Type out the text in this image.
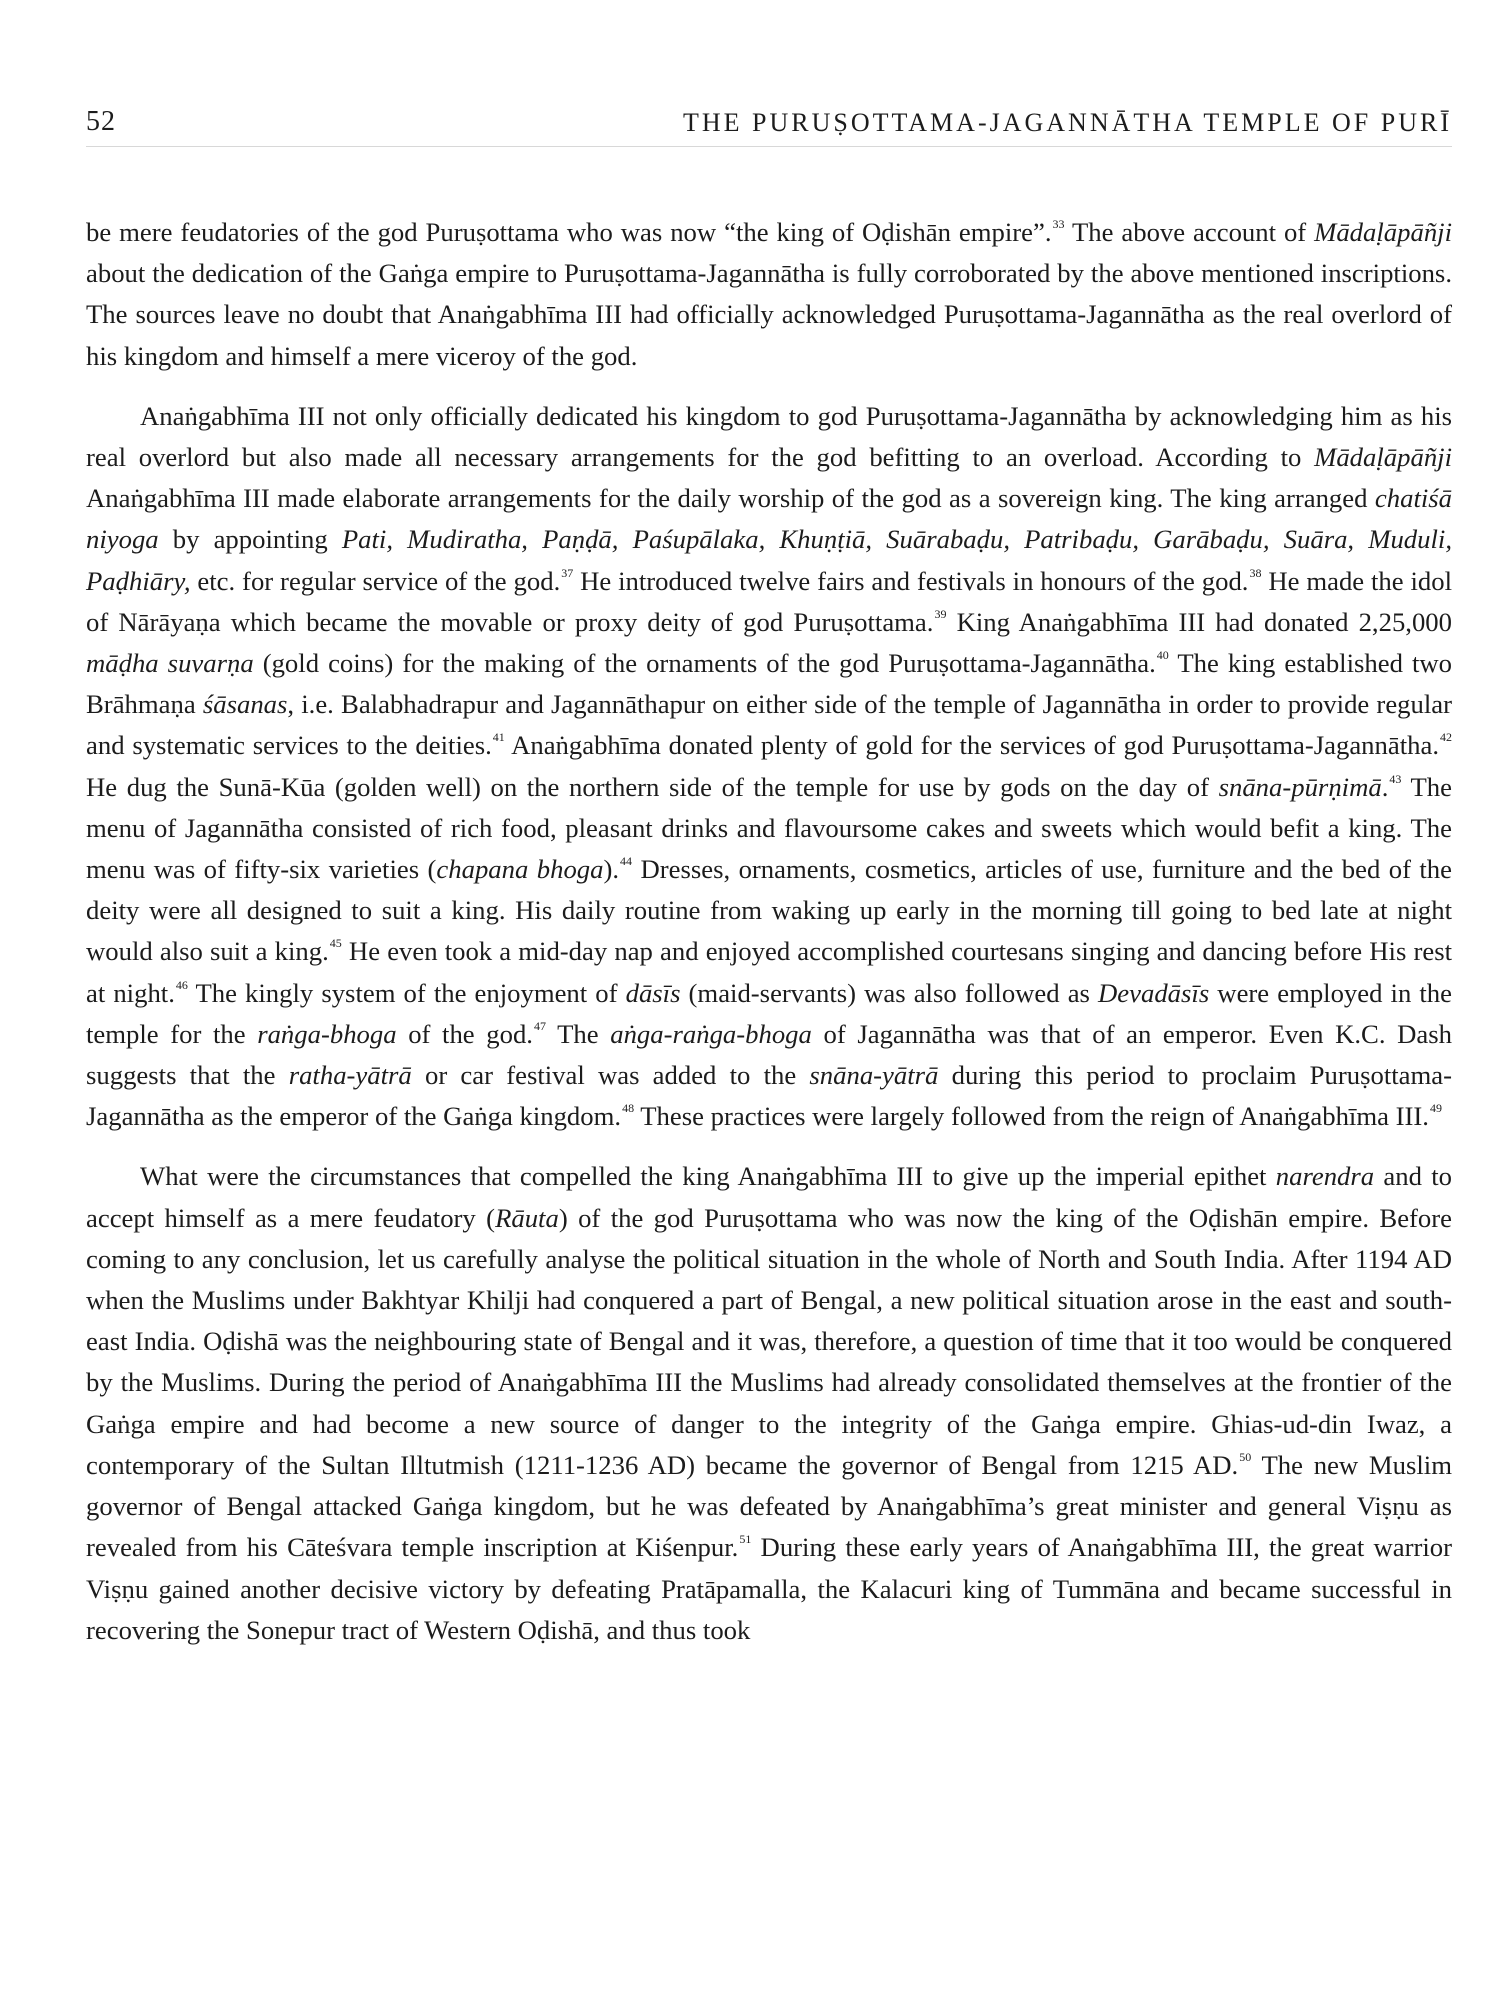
52	THE PURUṢOTTAMA-JAGANNĀTHA TEMPLE OF PURĪ

be mere feudatories of the god Puruṣottama who was now “the king of Oḍishān empire”.$^{33}$ The above account of Mādaḷāpāñji about the dedication of the Gaṅga empire to Puruṣottama-Jagannātha is fully corroborated by the above mentioned inscriptions. The sources leave no doubt that Anaṅgabhīma III had officially acknowledged Puruṣottama-Jagannātha as the real overlord of his kingdom and himself a mere viceroy of the god.

Anaṅgabhīma III not only officially dedicated his kingdom to god Puruṣottama-Jagannātha by acknowledging him as his real overlord but also made all necessary arrangements for the god befitting to an overload. According to Mādaḷāpāñji Anaṅgabhīma III made elaborate arrangements for the daily worship of the god as a sovereign king. The king arranged chatiśā niyoga by appointing Pati, Mudiratha, Paṇḍā, Paśupālaka, Khuṇṭiā, Suārabaḍu, Patribaḍu, Garābaḍu, Suāra, Muduli, Paḍhiāry, etc. for regular service of the god.$^{37}$ He introduced twelve fairs and festivals in honours of the god.$^{38}$ He made the idol of Nārāyaṇa which became the movable or proxy deity of god Puruṣottama.$^{39}$ King Anaṅgabhīma III had donated 2,25,000 māḍha suvarṇa (gold coins) for the making of the ornaments of the god Puruṣottama-Jagannātha.$^{40}$ The king established two Brāhmaṇa śāsanas, i.e. Balabhadrapur and Jagannāthapur on either side of the temple of Jagannātha in order to provide regular and systematic services to the deities.$^{41}$ Anaṅgabhīma donated plenty of gold for the services of god Puruṣottama-Jagannātha.$^{42}$ He dug the Sunā-Kūa (golden well) on the northern side of the temple for use by gods on the day of snāna-pūrṇimā.$^{43}$ The menu of Jagannātha consisted of rich food, pleasant drinks and flavoursome cakes and sweets which would befit a king. The menu was of fifty-six varieties (chapana bhoga).$^{44}$ Dresses, ornaments, cosmetics, articles of use, furniture and the bed of the deity were all designed to suit a king. His daily routine from waking up early in the morning till going to bed late at night would also suit a king.$^{45}$ He even took a mid-day nap and enjoyed accomplished courtesans singing and dancing before His rest at night.$^{46}$ The kingly system of the enjoyment of dāsīs (maid-servants) was also followed as Devadāsīs were employed in the temple for the raṅga-bhoga of the god.$^{47}$ The aṅga-raṅga-bhoga of Jagannātha was that of an emperor. Even K.C. Dash suggests that the ratha-yātrā or car festival was added to the snāna-yātrā during this period to proclaim Puruṣottama-Jagannātha as the emperor of the Gaṅga kingdom.$^{48}$ These practices were largely followed from the reign of Anaṅgabhīma III.$^{49}$

What were the circumstances that compelled the king Anaṅgabhīma III to give up the imperial epithet narendra and to accept himself as a mere feudatory (Rāuta) of the god Puruṣottama who was now the king of the Oḍishān empire. Before coming to any conclusion, let us carefully analyse the political situation in the whole of North and South India. After 1194 AD when the Muslims under Bakhtyar Khilji had conquered a part of Bengal, a new political situation arose in the east and south-east India. Oḍishā was the neighbouring state of Bengal and it was, therefore, a question of time that it too would be conquered by the Muslims. During the period of Anaṅgabhīma III the Muslims had already consolidated themselves at the frontier of the Gaṅga empire and had become a new source of danger to the integrity of the Gaṅga empire. Ghias-ud-din Iwaz, a contemporary of the Sultan Illtutmish (1211-1236 AD) became the governor of Bengal from 1215 AD.$^{50}$ The new Muslim governor of Bengal attacked Gaṅga kingdom, but he was defeated by Anaṅgabhīma’s great minister and general Viṣṇu as revealed from his Cāteśvara temple inscription at Kiśenpur.$^{51}$ During these early years of Anaṅgabhīma III, the great warrior Viṣṇu gained another decisive victory by defeating Pratāpamalla, the Kalacuri king of Tummāna and became successful in recovering the Sonepur tract of Western Oḍishā, and thus took
